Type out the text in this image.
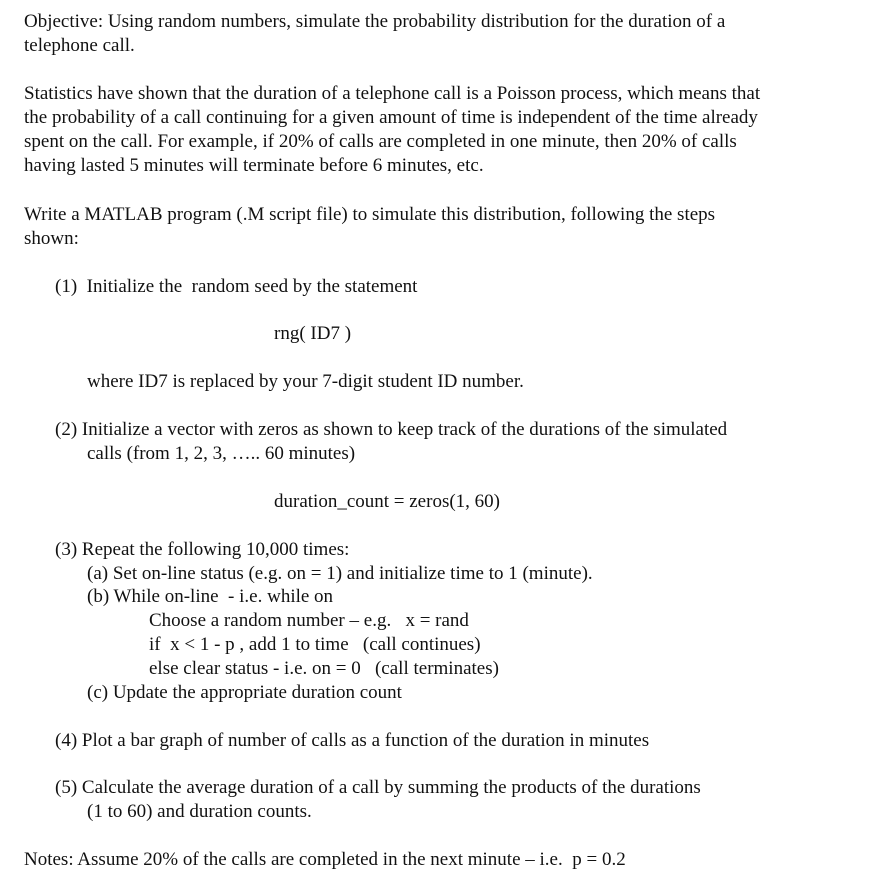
Objective: Using random numbers, simulate the probability distribution for the duration of a

telephone call.

Statistics have shown that the duration of a telephone call is a Poisson process, which means that

the probability of a call continuing for a given amount of time is independent of the time already

spent on the call. For example, if 20% of calls are completed in one minute, then 20% of calls

having lasted 5 minutes will terminate before 6 minutes, etc.

Write a MATLAB program (.M script file) to simulate this distribution, following the steps

shown:

(1)  Initialize the  random seed by the statement

rng( ID7 )

where ID7 is replaced by your 7-digit student ID number.

(2) Initialize a vector with zeros as shown to keep track of the durations of the simulated

calls (from 1, 2, 3, ….. 60 minutes)

duration_count = zeros(1, 60)

(3) Repeat the following 10,000 times:

(a) Set on-line status (e.g. on = 1) and initialize time to 1 (minute).

(b) While on-line  - i.e. while on

Choose a random number – e.g.   x = rand

if  x < 1 - p , add 1 to time   (call continues)

else clear status - i.e. on = 0   (call terminates)

(c) Update the appropriate duration count

(4) Plot a bar graph of number of calls as a function of the duration in minutes

(5) Calculate the average duration of a call by summing the products of the durations

(1 to 60) and duration counts.

Notes: Assume 20% of the calls are completed in the next minute – i.e.  p = 0.2
